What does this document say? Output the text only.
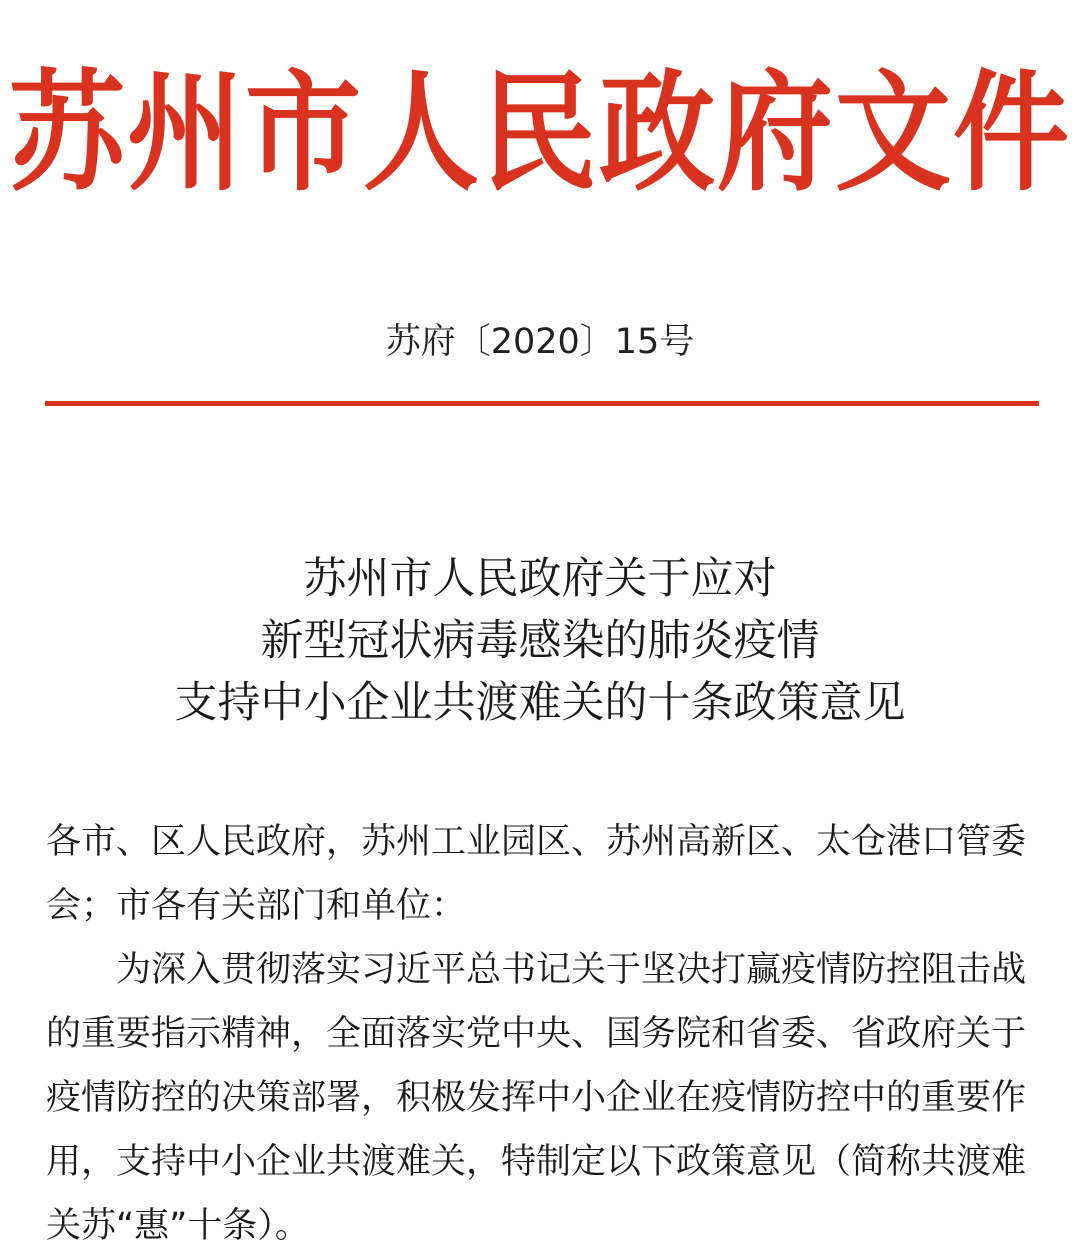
苏州市人民政府文件
苏府〔2020〕15号
苏州市人民政府关于应对
新型冠状病毒感染的肺炎疫情
支持中小企业共渡难关的十条政策意见
各市、区人民政府，苏州工业园区、苏州高新区、太仓港口管委
会；市各有关部门和单位：
为深入贯彻落实习近平总书记关于坚决打赢疫情防控阻击战
的重要指示精神，全面落实党中央、国务院和省委、省政府关于
疫情防控的决策部署，积极发挥中小企业在疫情防控中的重要作
用，支持中小企业共渡难关，特制定以下政策意见（简称共渡难
关苏“惠”十条）。
